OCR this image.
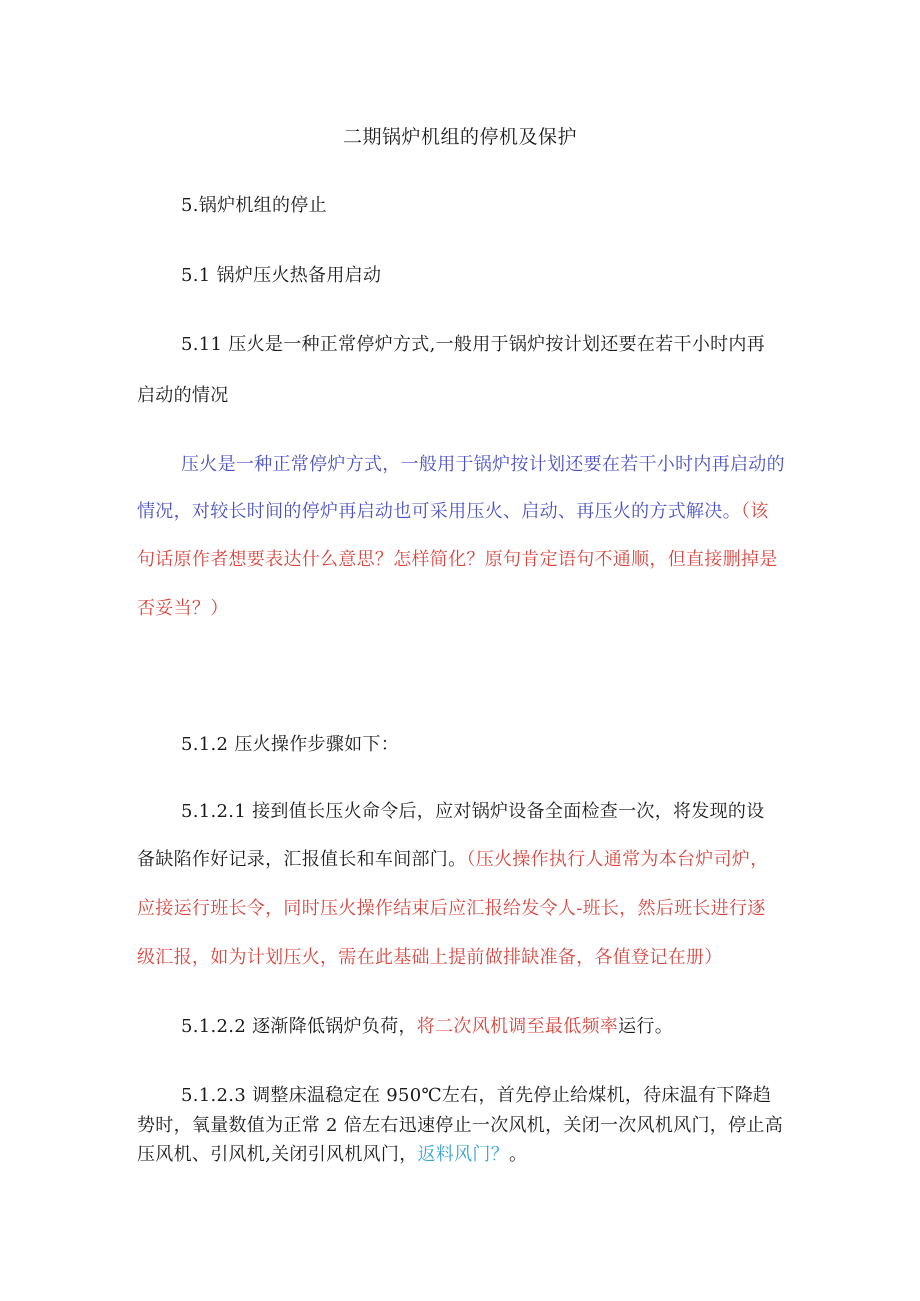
二期锅炉机组的停机及保护
5.锅炉机组的停止
5.1 锅炉压火热备用启动
5.11 压火是一种正常停炉方式,一般用于锅炉按计划还要在若干小时内再
启动的情况
压火是一种正常停炉方式，一般用于锅炉按计划还要在若干小时内再启动的
情况，对较长时间的停炉再启动也可采用压火、启动、再压火的方式解决。（该
句话原作者想要表达什么意思？怎样简化？原句肯定语句不通顺，但直接删掉是
否妥当？）
5.1.2 压火操作步骤如下：
5.1.2.1 接到值长压火命令后，应对锅炉设备全面检查一次，将发现的设
备缺陷作好记录，汇报值长和车间部门。（压火操作执行人通常为本台炉司炉，
应接运行班长令，同时压火操作结束后应汇报给发令人-班长，然后班长进行逐
级汇报，如为计划压火，需在此基础上提前做排缺准备，各值登记在册）
5.1.2.2 逐渐降低锅炉负荷，将二次风机调至最低频率运行。
5.1.2.3 调整床温稳定在 950℃左右，首先停止给煤机，待床温有下降趋
势时，氧量数值为正常 2 倍左右迅速停止一次风机，关闭一次风机风门，停止高
压风机、引风机,关闭引风机风门，返料风门？。
